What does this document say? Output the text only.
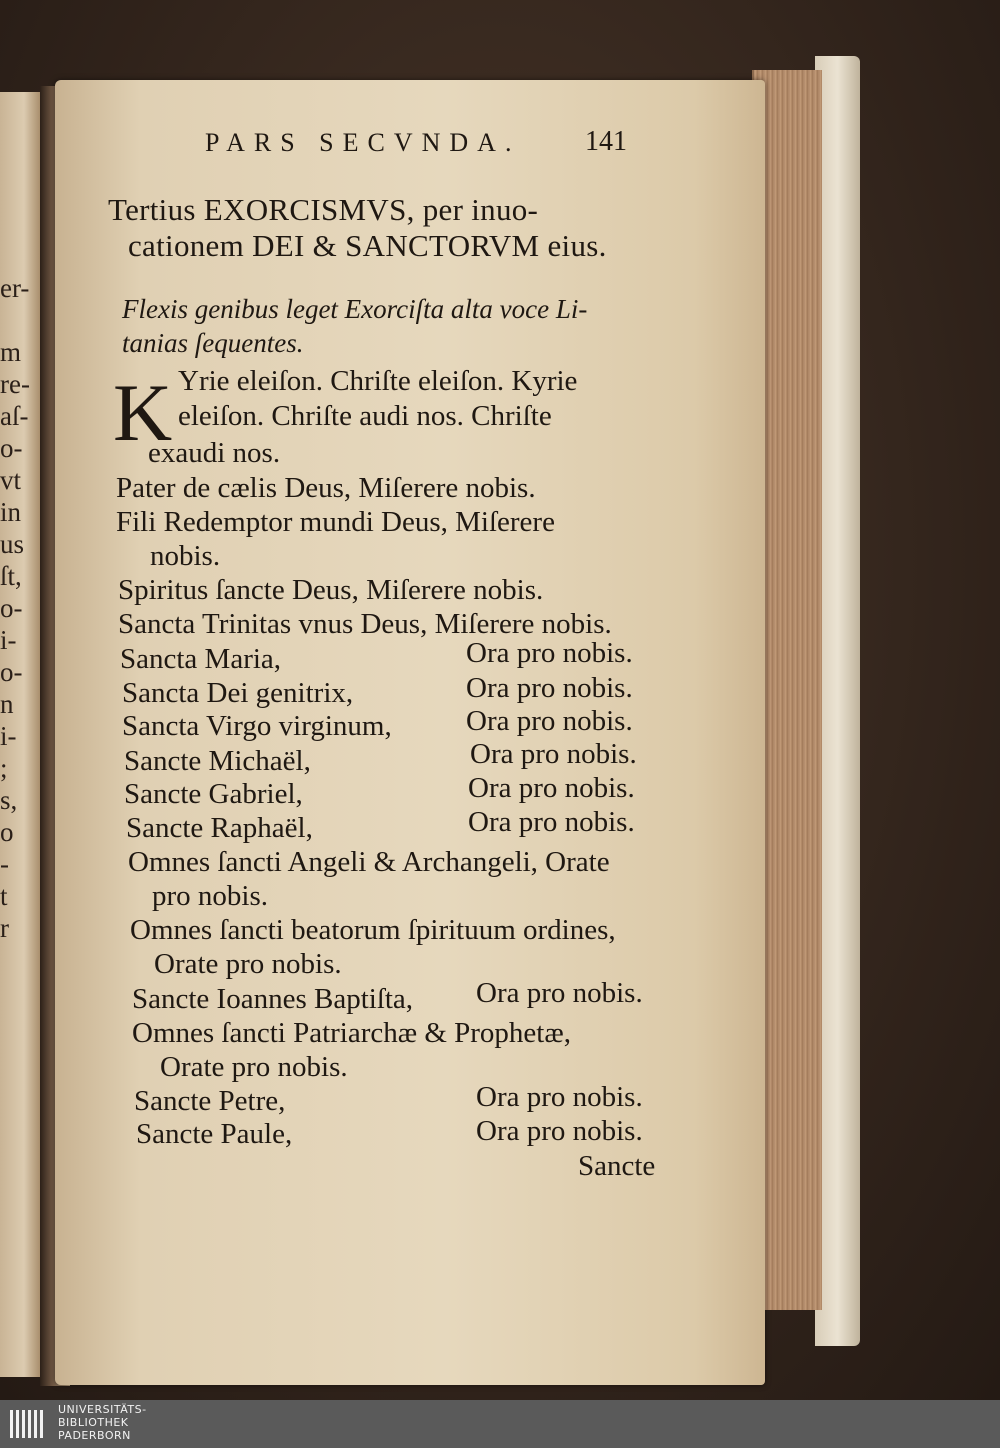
er-
m
re-
aſ-
o-
vt
in
us
ſt,
o-
i-
o-
n
i-
;
s,
o
-
t
r
PARS SECVNDA. 141
Tertius EXORCISMVS, per inuo-
cationem DEI & SANCTORVM eius.
Flexis genibus leget Exorciſta alta voce Li-
tanias ſequentes.
K Yrie eleiſon. Chriſte eleiſon. Kyrie
eleiſon. Chriſte audi nos. Chriſte
exaudi nos.
Pater de cælis Deus, Miſerere nobis.
Fili Redemptor mundi Deus, Miſerere
nobis.
Spiritus ſancte Deus, Miſerere nobis.
Sancta Trinitas vnus Deus, Miſerere nobis.
Sancta Maria,	Ora pro nobis.
Sancta Dei genitrix,	Ora pro nobis.
Sancta Virgo virginum,	Ora pro nobis.
Sancte Michaël,	Ora pro nobis.
Sancte Gabriel,	Ora pro nobis.
Sancte Raphaël,	Ora pro nobis.
Omnes ſancti Angeli & Archangeli, Orate
pro nobis.
Omnes ſancti beatorum ſpirituum ordines,
Orate pro nobis.
Sancte Ioannes Baptiſta, Ora pro nobis.
Omnes ſancti Patriarchæ & Prophetæ,
Orate pro nobis.
Sancte Petre,	Ora pro nobis.
Sancte Paule,	Ora pro nobis.
Sancte
UNIVERSITÄTS-
BIBLIOTHEK
PADERBORN
